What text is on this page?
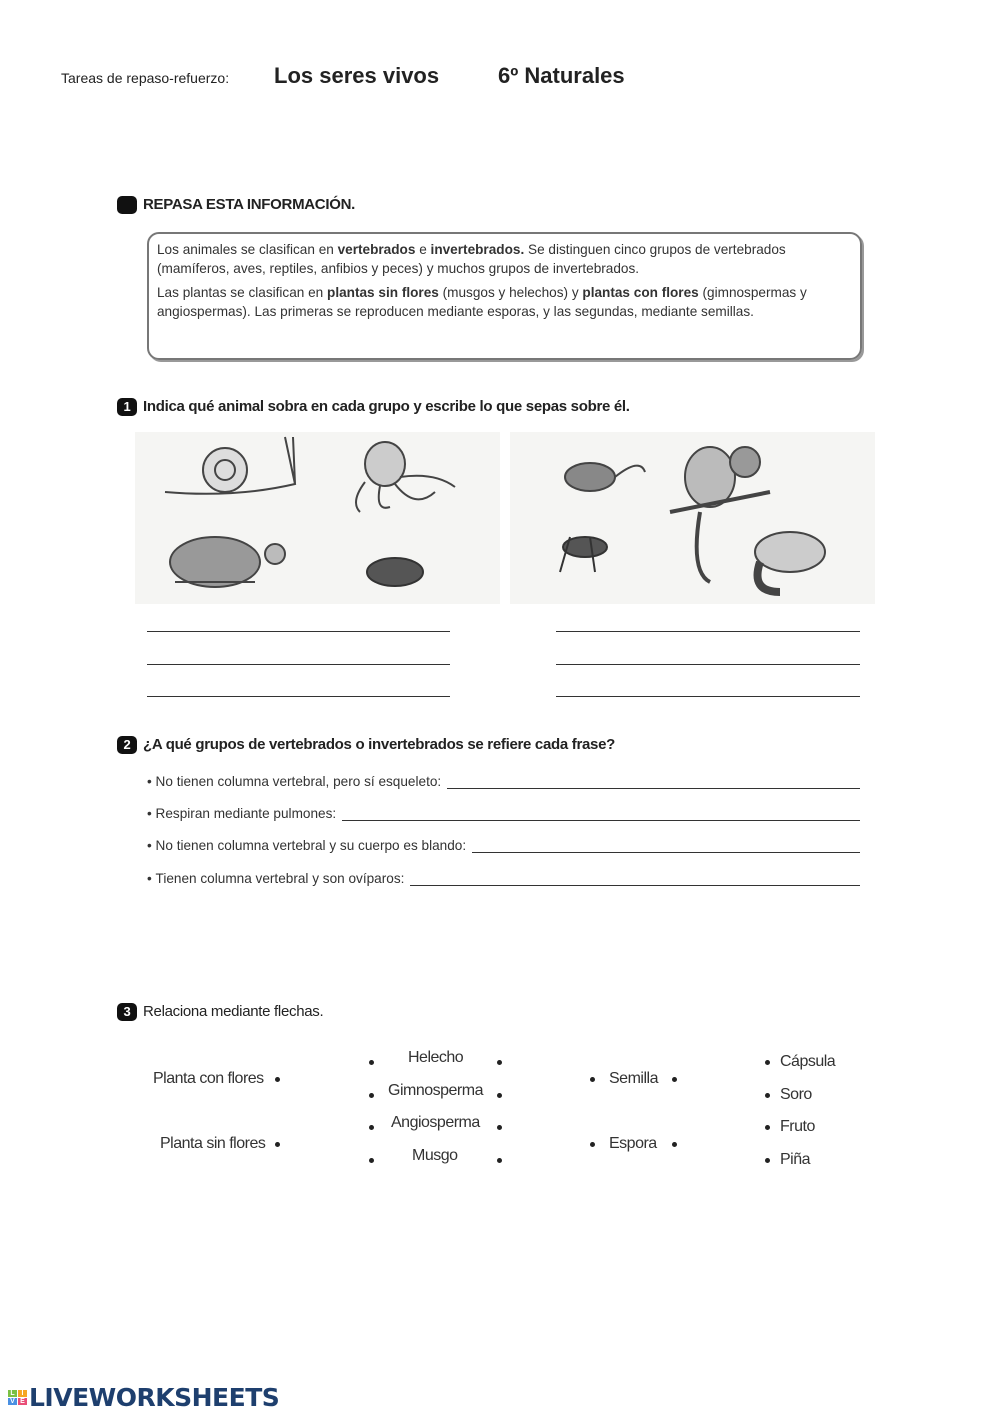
Tareas de repaso-refuerzo: Los seres vivos	6º Naturales
REPASA ESTA INFORMACIÓN.

Los animales se clasifican en vertebrados e invertebrados. Se distinguen cinco grupos de vertebrados (mamíferos, aves, reptiles, anfibios y peces) y muchos grupos de invertebrados.

Las plantas se clasifican en plantas sin flores (musgos y helechos) y plantas con flores (gimnospermas y angiospermas). Las primeras se reproducen mediante esporas, y las segundas, mediante semillas.

1 Indica qué animal sobra en cada grupo y escribe lo que sepas sobre él.
2 ¿A qué grupos de vertebrados o invertebrados se refiere cada frase?
• No tienen columna vertebral, pero sí esqueleto:
• Respiran mediante pulmones:
• No tienen columna vertebral y su cuerpo es blando:
• Tienen columna vertebral y son ovíparos:
3 Relaciona mediante flechas.
Planta con flores
Planta sin flores
Helecho
Gimnosperma
Angiosperma
Musgo
Semilla
Espora
Cápsula
Soro
Fruto
Piña
L I
V E LIVEWORKSHEETS
